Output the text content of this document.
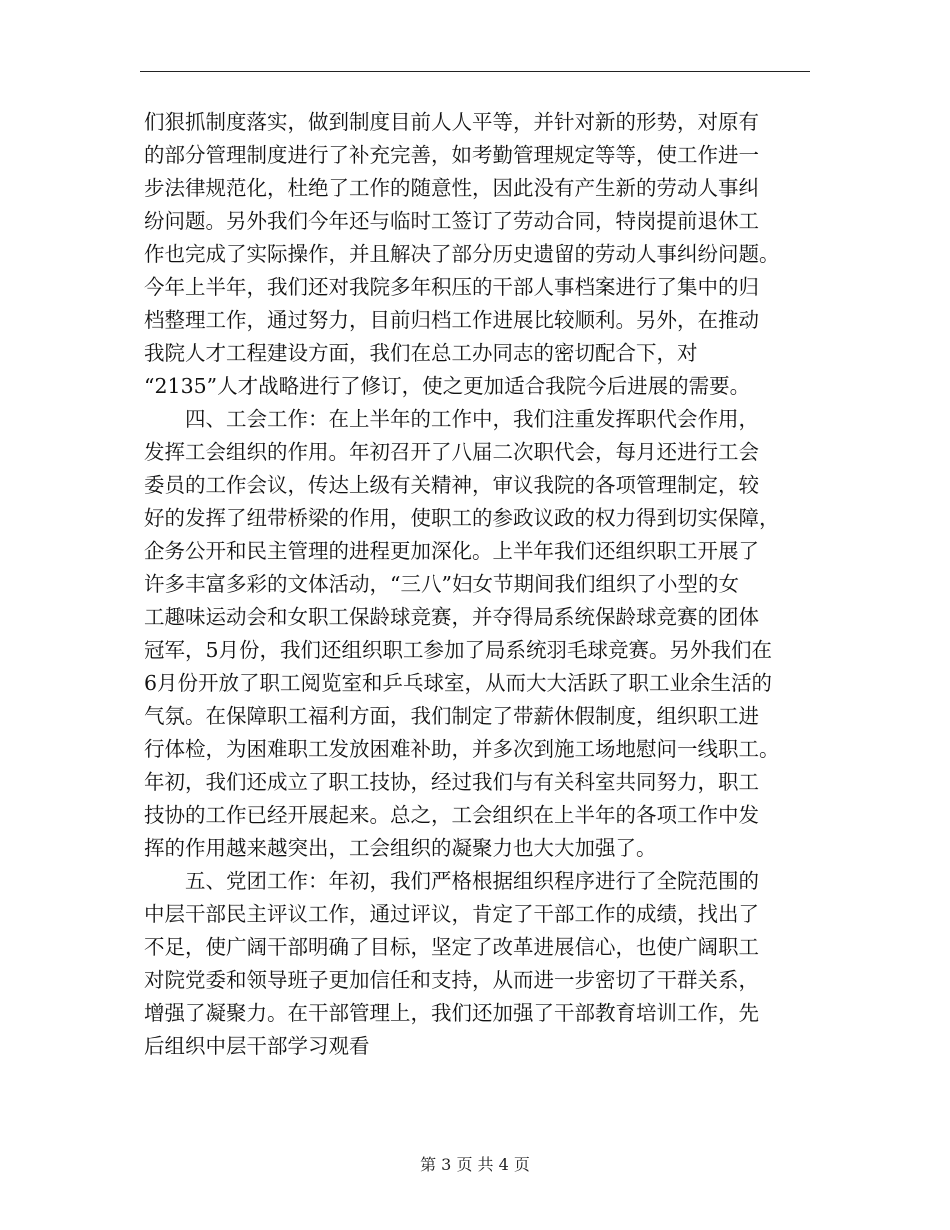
们狠抓制度落实，做到制度目前人人平等，并针对新的形势，对原有
的部分管理制度进行了补充完善，如考勤管理规定等等，使工作进一
步法律规范化，杜绝了工作的随意性，因此没有产生新的劳动人事纠
纷问题。另外我们今年还与临时工签订了劳动合同，特岗提前退休工
作也完成了实际操作，并且解决了部分历史遗留的劳动人事纠纷问题。
今年上半年，我们还对我院多年积压的干部人事档案进行了集中的归
档整理工作，通过努力，目前归档工作进展比较顺利。另外，在推动
我院人才工程建设方面，我们在总工办同志的密切配合下，对
“2135”人才战略进行了修订，使之更加适合我院今后进展的需要。
四、工会工作：在上半年的工作中，我们注重发挥职代会作用，
发挥工会组织的作用。年初召开了八届二次职代会，每月还进行工会
委员的工作会议，传达上级有关精神，审议我院的各项管理制定，较
好的发挥了纽带桥梁的作用，使职工的参政议政的权力得到切实保障，
企务公开和民主管理的进程更加深化。上半年我们还组织职工开展了
许多丰富多彩的文体活动，“三八”妇女节期间我们组织了小型的女
工趣味运动会和女职工保龄球竞赛，并夺得局系统保龄球竞赛的团体
冠军，5月份，我们还组织职工参加了局系统羽毛球竞赛。另外我们在
6月份开放了职工阅览室和乒乓球室，从而大大活跃了职工业余生活的
气氛。在保障职工福利方面，我们制定了带薪休假制度，组织职工进
行体检，为困难职工发放困难补助，并多次到施工场地慰问一线职工。
年初，我们还成立了职工技协，经过我们与有关科室共同努力，职工
技协的工作已经开展起来。总之，工会组织在上半年的各项工作中发
挥的作用越来越突出，工会组织的凝聚力也大大加强了。
五、党团工作：年初，我们严格根据组织程序进行了全院范围的
中层干部民主评议工作，通过评议，肯定了干部工作的成绩，找出了
不足，使广阔干部明确了目标，坚定了改革进展信心，也使广阔职工
对院党委和领导班子更加信任和支持，从而进一步密切了干群关系，
增强了凝聚力。在干部管理上，我们还加强了干部教育培训工作，先
后组织中层干部学习观看
第 3 页 共 4 页
